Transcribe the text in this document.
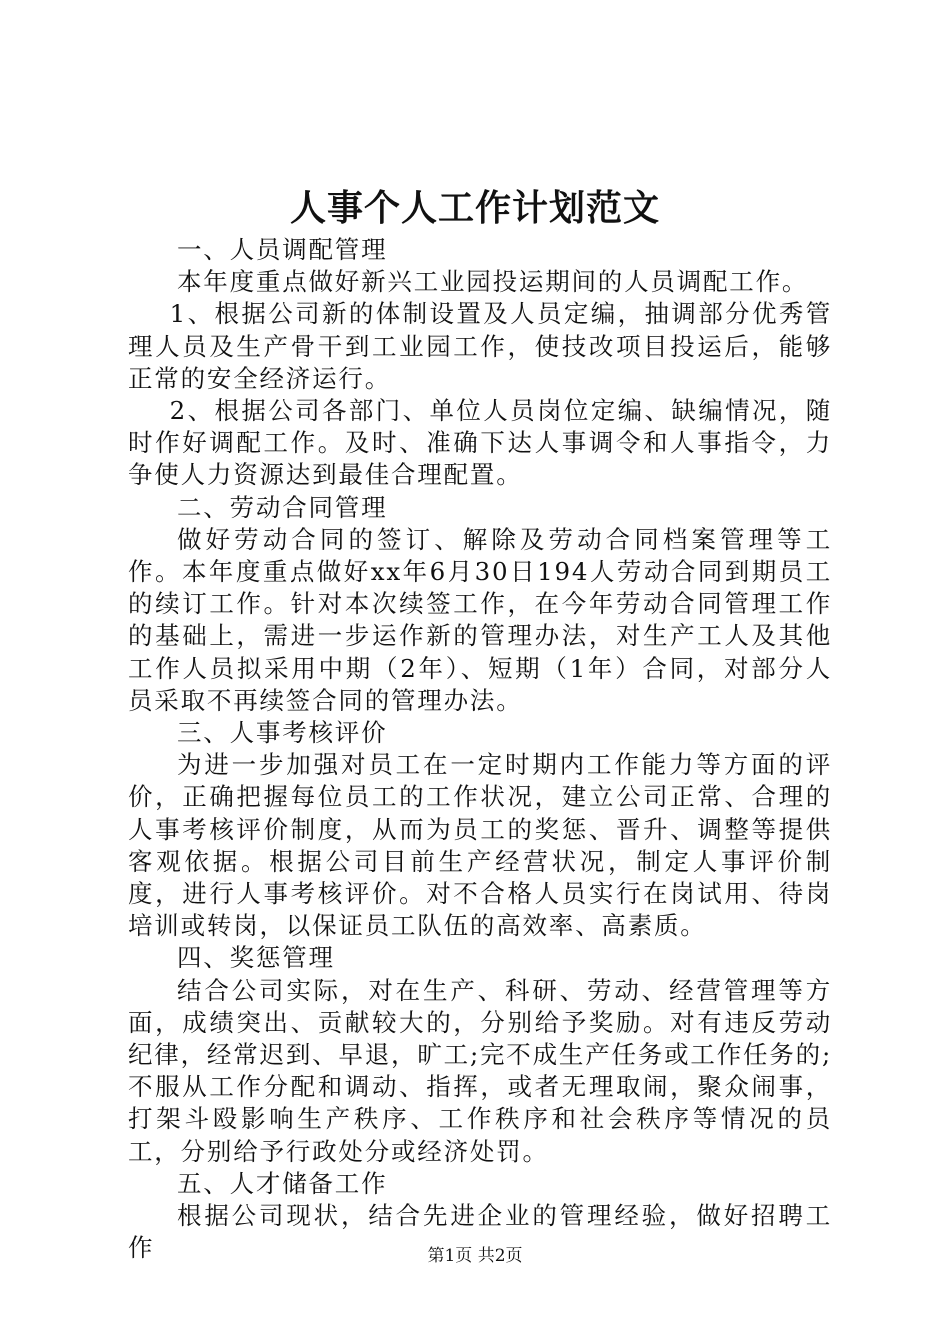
人事个人工作计划范文

一、人员调配管理

本年度重点做好新兴工业园投运期间的人员调配工作。

1、根据公司新的体制设置及人员定编，抽调部分优秀管理人员及生产骨干到工业园工作，使技改项目投运后，能够正常的安全经济运行。

2、根据公司各部门、单位人员岗位定编、缺编情况，随时作好调配工作。及时、准确下达人事调令和人事指令，力争使人力资源达到最佳合理配置。

二、劳动合同管理

做好劳动合同的签订、解除及劳动合同档案管理等工作。本年度重点做好xx年6月30日194人劳动合同到期员工的续订工作。针对本次续签工作，在今年劳动合同管理工作的基础上，需进一步运作新的管理办法，对生产工人及其他工作人员拟采用中期（2年）、短期（1年）合同，对部分人员采取不再续签合同的管理办法。

三、人事考核评价

为进一步加强对员工在一定时期内工作能力等方面的评价，正确把握每位员工的工作状况，建立公司正常、合理的人事考核评价制度，从而为员工的奖惩、晋升、调整等提供客观依据。根据公司目前生产经营状况，制定人事评价制度，进行人事考核评价。对不合格人员实行在岗试用、待岗培训或转岗，以保证员工队伍的高效率、高素质。

四、奖惩管理

结合公司实际，对在生产、科研、劳动、经营管理等方面，成绩突出、贡献较大的，分别给予奖励。对有违反劳动纪律，经常迟到、早退，旷工;完不成生产任务或工作任务的;不服从工作分配和调动、指挥，或者无理取闹，聚众闹事，打架斗殴影响生产秩序、工作秩序和社会秩序等情况的员工，分别给予行政处分或经济处罚。

五、人才储备工作

根据公司现状，结合先进企业的管理经验，做好招聘工作	第1页 共2页
